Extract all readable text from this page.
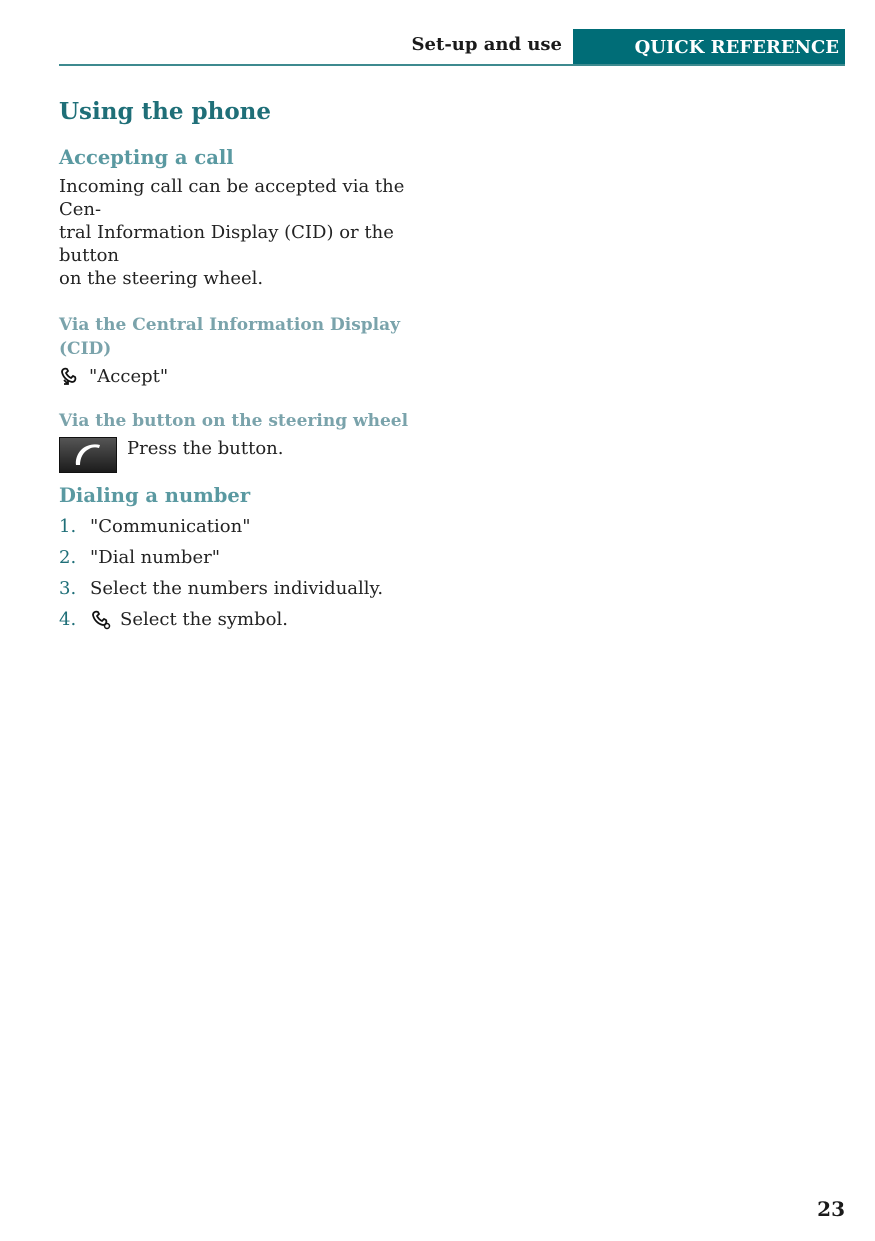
Set-up and use	QUICK REFERENCE
Using the phone
Accepting a call

Incoming call can be accepted via the Cen-

tral Information Display (CID) or the button

on the steering wheel.

Via the Central Information Display (CID)
"Accept"
Via the button on the steering wheel
Press the button.
Dialing a number
1. "Communication"
2. "Dial number"
3. Select the numbers individually.
4.	Select the symbol.
23
